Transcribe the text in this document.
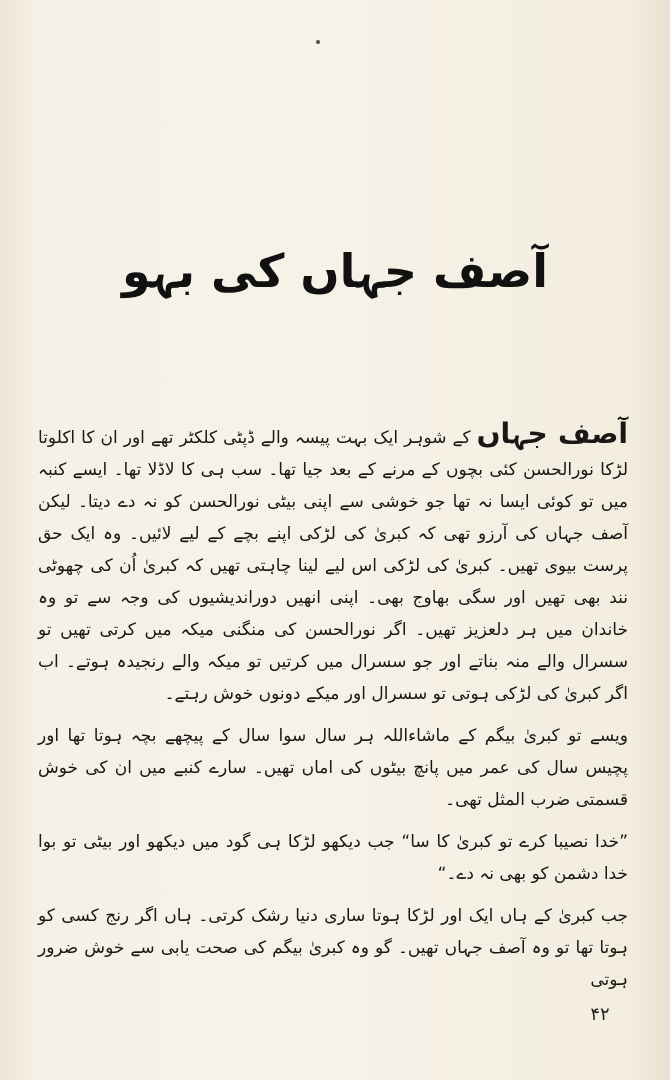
آصف جہاں کی بہو

آصف جہاں کے شوہر ایک بہت پیسہ والے ڈپٹی کلکٹر تھے اور ان کا اکلوتا لڑکا نورالحسن کئی بچوں کے مرنے کے بعد جیا تھا۔ سب ہی کا لاڈلا تھا۔ ایسے کنبہ میں تو کوئی ایسا نہ تھا جو خوشی سے اپنی بیٹی نورالحسن کو نہ دے دیتا۔ لیکن آصف جہاں کی آرزو تھی کہ کبریٰ کی لڑکی اپنے بچے کے لیے لائیں۔ وہ ایک حق پرست بیوی تھیں۔ کبریٰ کی لڑکی اس لیے لینا چاہتی تھیں کہ کبریٰ اُن کی چھوٹی نند بھی تھیں اور سگی بھاوج بھی۔ اپنی انھیں دوراندیشیوں کی وجہ سے تو وہ خاندان میں ہر دلعزیز تھیں۔ اگر نورالحسن کی منگنی میکہ میں کرتی تھیں تو سسرال والے منہ بناتے اور جو سسرال میں کرتیں تو میکہ والے رنجیدہ ہوتے۔ اب اگر کبریٰ کی لڑکی ہوتی تو سسرال اور میکے دونوں خوش رہتے۔

ویسے تو کبریٰ بیگم کے ماشاءاللہ ہر سال سوا سال کے پیچھے بچہ ہوتا تھا اور پچیس سال کی عمر میں پانچ بیٹوں کی اماں تھیں۔ سارے کنبے میں ان کی خوش قسمتی ضرب المثل تھی۔

”خدا نصیبا کرے تو کبریٰ کا سا“ جب دیکھو لڑکا ہی گود میں دیکھو اور بیٹی تو بوا خدا دشمن کو بھی نہ دے۔“

جب کبریٰ کے ہاں ایک اور لڑکا ہوتا ساری دنیا رشک کرتی۔ ہاں اگر رنج کسی کو ہوتا تھا تو وہ آصف جہاں تھیں۔ گو وہ کبریٰ بیگم کی صحت یابی سے خوش ضرور ہوتی

۴۲
